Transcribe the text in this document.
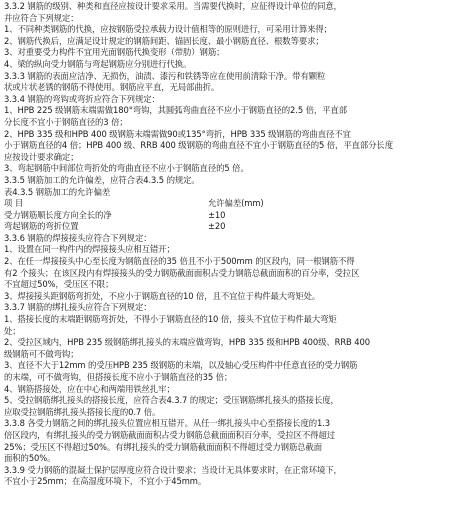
3.3.2 钢筋的级别、种类和直径应按设计要求采用。当需要代换时，应征得设计单位的同意，

并应符合下列规定：

1、不同种类钢筋的代换，应按钢筋受拉承载力设计值相等的原则进行，可采用计算来得；

2、钢筋代换后，应满足设计规定的钢筋间距、锚固长度、最小钢筋直径、根数等要求；

3、对重要受力构件不宜用光面钢筋代换变形（带肋）钢筋；

4、梁的纵向受力钢筋与弯起钢筋应分别进行代换。

3.3.3 钢筋的表面应洁净、无损伤，油渍、漆污和铁锈等应在使用前清除干净。带有颗粒

状或片状老锈的钢筋不得使用。钢筋应平直，无局部曲折。

3.3.4 钢筋的弯钩或弯折应符合下列规定：

1、HPB 225 级钢筋末端需做180°弯钩，其圆弧弯曲直径不应小于钢筋直径的2.5 倍，平直部

分长度不宜小于钢筋直径的3 倍；

2、HPB 335 级和HPB 400 级钢筋末端需做90或135°弯折，HPB 335 级钢筋的弯曲直径不宜

小于钢筋直径的4 倍；HPB 400 级、RRB 400 级钢筋的弯曲直径不宜小于钢筋直径的5 倍，平直部分长度

应按设计要求确定；

3、弯起钢筋中间部位弯折处的弯曲直径不应小于钢筋直径的5 倍。

3.3.5 钢筋加工的允许偏差，应符合表4.3.5 的规定。

表4.3.5 钢筋加工的允许偏差

项 目	允许偏差(mm)
受力钢筋顺长度方向全长的净	±10
弯起钢筋的弯折位置	±20

3.3.6 钢筋的焊接接头应符合下列规定：

1、设置在同一构件内的焊接接头应相互错开；

2、在任一焊接接头中心至长度为钢筋直径的35 倍且不小于500mm 的区段内，同一根钢筋不得

有2 个接头；在该区段内有焊接接头的受力钢筋截面面积占受力钢筋总截面面积的百分率，受拉区

不宜超过50%，受压区不限；

3、焊接接头距钢筋弯折处，不应小于钢筋直径的10 倍，且不宜位于构件最大弯矩处。

3.3.7 钢筋的绑扎接头应符合下列规定：

1、搭接长度的末端距钢筋弯折处，不得小于钢筋直径的10 倍，接头不宜位于构件最大弯矩

处；

2、受拉区域内，HPB 235 级钢筋绑扎接头的末端应做弯钩，HPB 335 级和HPB 400级、RRB 400

级钢筋可不做弯钩；

3、直径不大于12mm 的受压HPB 235 级钢筋的末端，以及轴心受压构件中任意直径的受力钢筋

的末端，可不做弯钩，但搭接长度不应小于钢筋直径的35 倍；

4、钢筋搭接处，应在中心和两端用铁丝扎牢；

5、受拉钢筋绑扎接头的搭接长度，应符合表4.3.7 的规定；受压钢筋绑扎接头的搭接长度，

应取受拉钢筋绑扎接头搭接长度的0.7 倍。

3.3.8 各受力钢筋之间的绑扎接头位置应相互错开。从任一绑扎接头中心至搭接长度的1.3

倍区段内，有绑扎接头的受力钢筋截面面积占受力钢筋总截面面积百分率，受拉区不得超过

25%；受压区不得超过50%。有绑扎接头的受力钢筋截面面积不得超过受力钢筋总截面

面积的50%。

3.3.9 受力钢筋的混凝土保护层厚度应符合设计要求；当设计无具体要求时，在正常环境下，

不宜小于25mm；在高湿度环境下，不宜小于45mm。
